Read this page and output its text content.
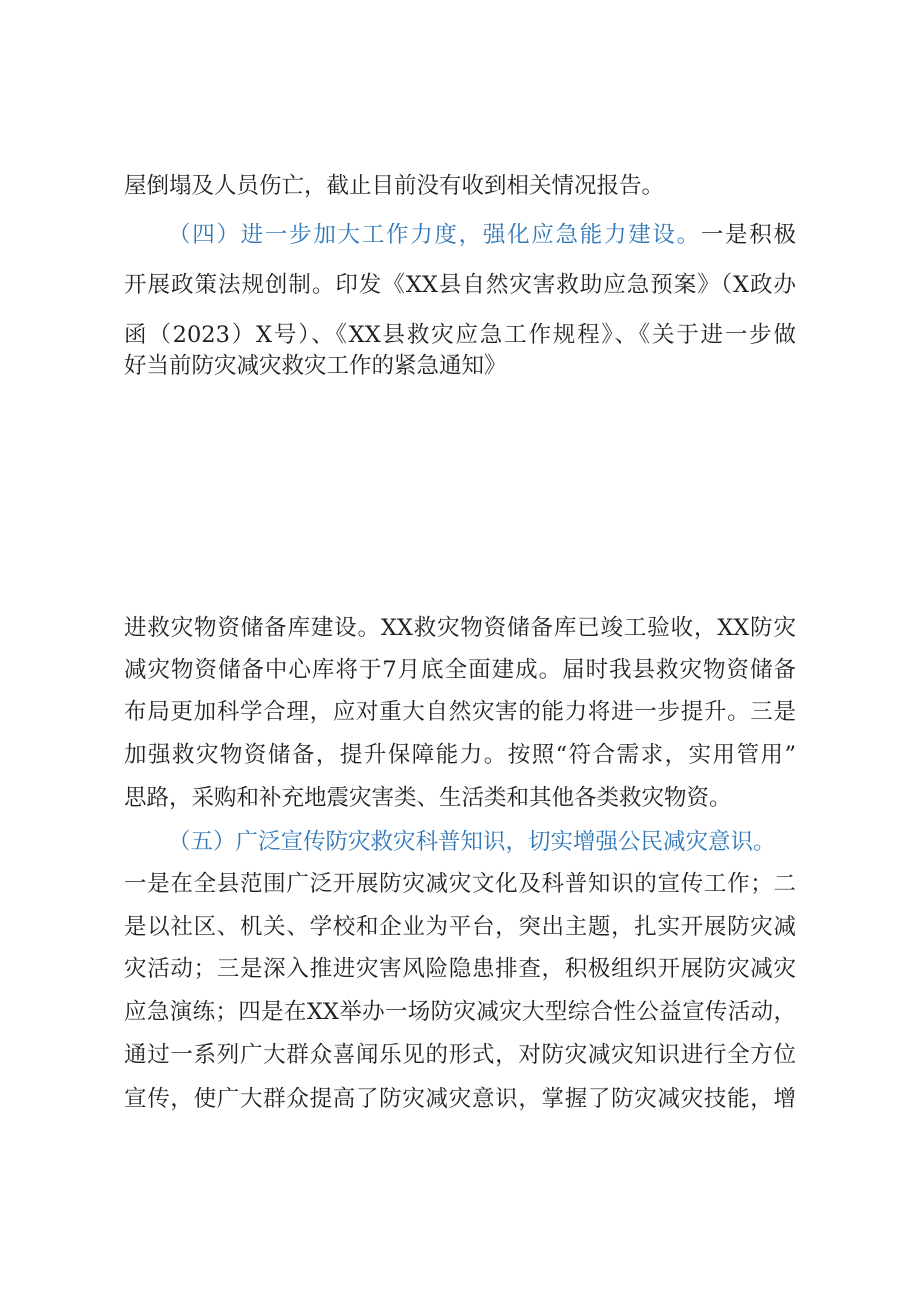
屋倒塌及人员伤亡，截止目前没有收到相关情况报告。
（四）进一步加大工作力度，强化应急能力建设。一是积极
开展政策法规创制。印发《XX县自然灾害救助应急预案》（X政办
函（2023）X号）、《XX县救灾应急工作规程》、《关于进一步做
好当前防灾减灾救灾工作的紧急通知》
进救灾物资储备库建设。XX救灾物资储备库已竣工验收，XX防灾
减灾物资储备中心库将于7月底全面建成。届时我县救灾物资储备
布局更加科学合理，应对重大自然灾害的能力将进一步提升。三是
加强救灾物资储备，提升保障能力。按照“符合需求，实用管用”
思路，采购和补充地震灾害类、生活类和其他各类救灾物资。
（五）广泛宣传防灾救灾科普知识，切实增强公民减灾意识。
一是在全县范围广泛开展防灾减灾文化及科普知识的宣传工作；二
是以社区、机关、学校和企业为平台，突出主题，扎实开展防灾减
灾活动；三是深入推进灾害风险隐患排查，积极组织开展防灾减灾
应急演练；四是在XX举办一场防灾减灾大型综合性公益宣传活动，
通过一系列广大群众喜闻乐见的形式，对防灾减灾知识进行全方位
宣传，使广大群众提高了防灾减灾意识，掌握了防灾减灾技能，增
